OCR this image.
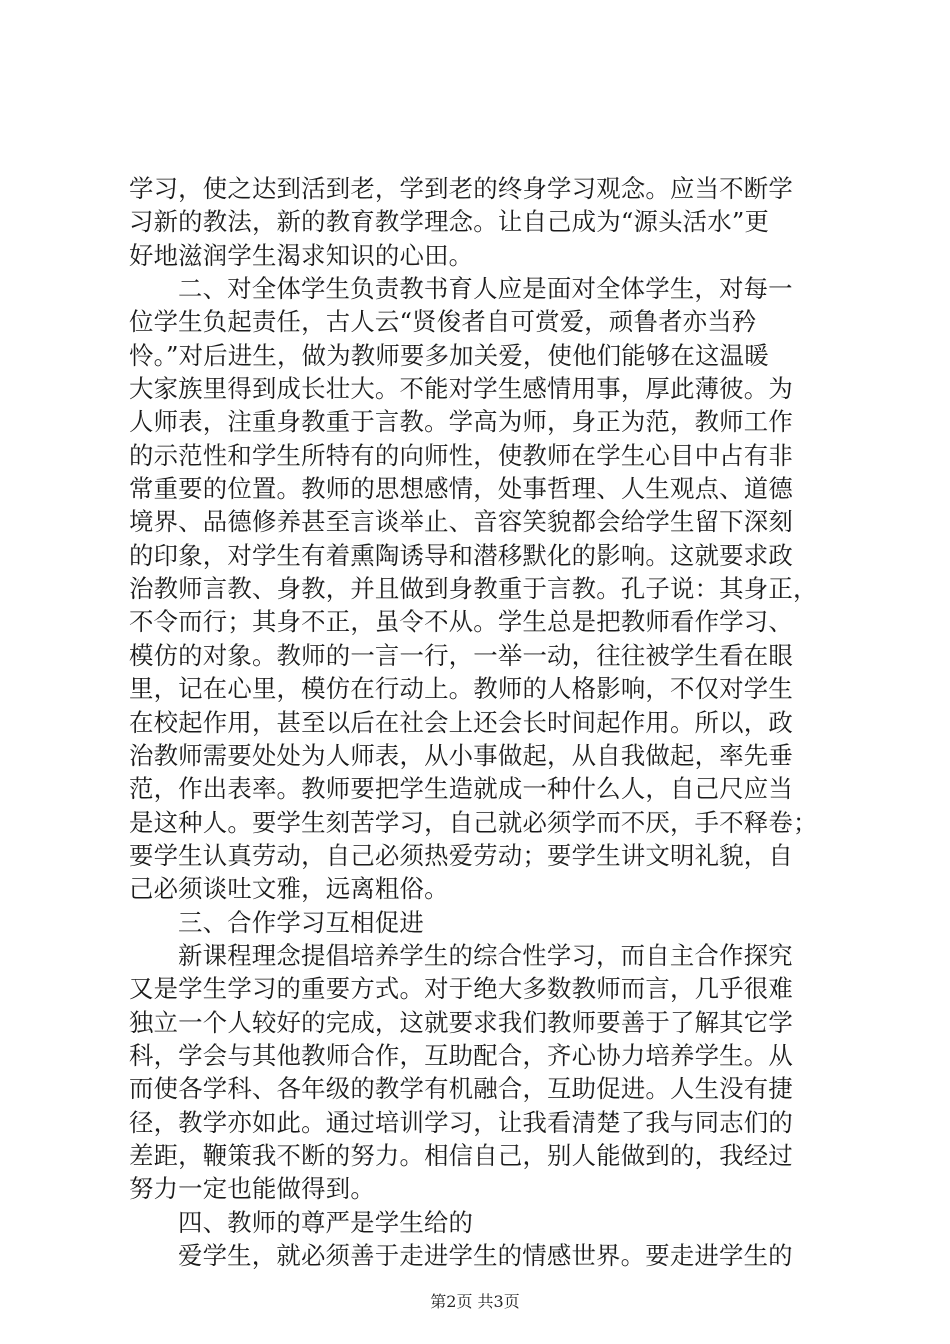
学习，使之达到活到老，学到老的终身学习观念。应当不断学
习新的教法，新的教育教学理念。让自己成为“源头活水”更
好地滋润学生渴求知识的心田。
二、对全体学生负责教书育人应是面对全体学生，对每一
位学生负起责任，古人云“贤俊者自可赏爱，顽鲁者亦当矜
怜。”对后进生，做为教师要多加关爱，使他们能够在这温暖
大家族里得到成长壮大。不能对学生感情用事，厚此薄彼。为
人师表，注重身教重于言教。学高为师，身正为范，教师工作
的示范性和学生所特有的向师性，使教师在学生心目中占有非
常重要的位置。教师的思想感情，处事哲理、人生观点、道德
境界、品德修养甚至言谈举止、音容笑貌都会给学生留下深刻
的印象，对学生有着熏陶诱导和潜移默化的影响。这就要求政
治教师言教、身教，并且做到身教重于言教。孔子说：其身正，
不令而行；其身不正，虽令不从。学生总是把教师看作学习、
模仿的对象。教师的一言一行，一举一动，往往被学生看在眼
里，记在心里，模仿在行动上。教师的人格影响，不仅对学生
在校起作用，甚至以后在社会上还会长时间起作用。所以，政
治教师需要处处为人师表，从小事做起，从自我做起，率先垂
范，作出表率。教师要把学生造就成一种什么人，自己尺应当
是这种人。要学生刻苦学习，自己就必须学而不厌，手不释卷；
要学生认真劳动，自己必须热爱劳动；要学生讲文明礼貌，自
己必须谈吐文雅，远离粗俗。
三、合作学习互相促进
新课程理念提倡培养学生的综合性学习，而自主合作探究
又是学生学习的重要方式。对于绝大多数教师而言，几乎很难
独立一个人较好的完成，这就要求我们教师要善于了解其它学
科，学会与其他教师合作，互助配合，齐心协力培养学生。从
而使各学科、各年级的教学有机融合，互助促进。人生没有捷
径，教学亦如此。通过培训学习，让我看清楚了我与同志们的
差距，鞭策我不断的努力。相信自己，别人能做到的，我经过
努力一定也能做得到。
四、教师的尊严是学生给的
爱学生，就必须善于走进学生的情感世界。要走进学生的
第2页 共3页
